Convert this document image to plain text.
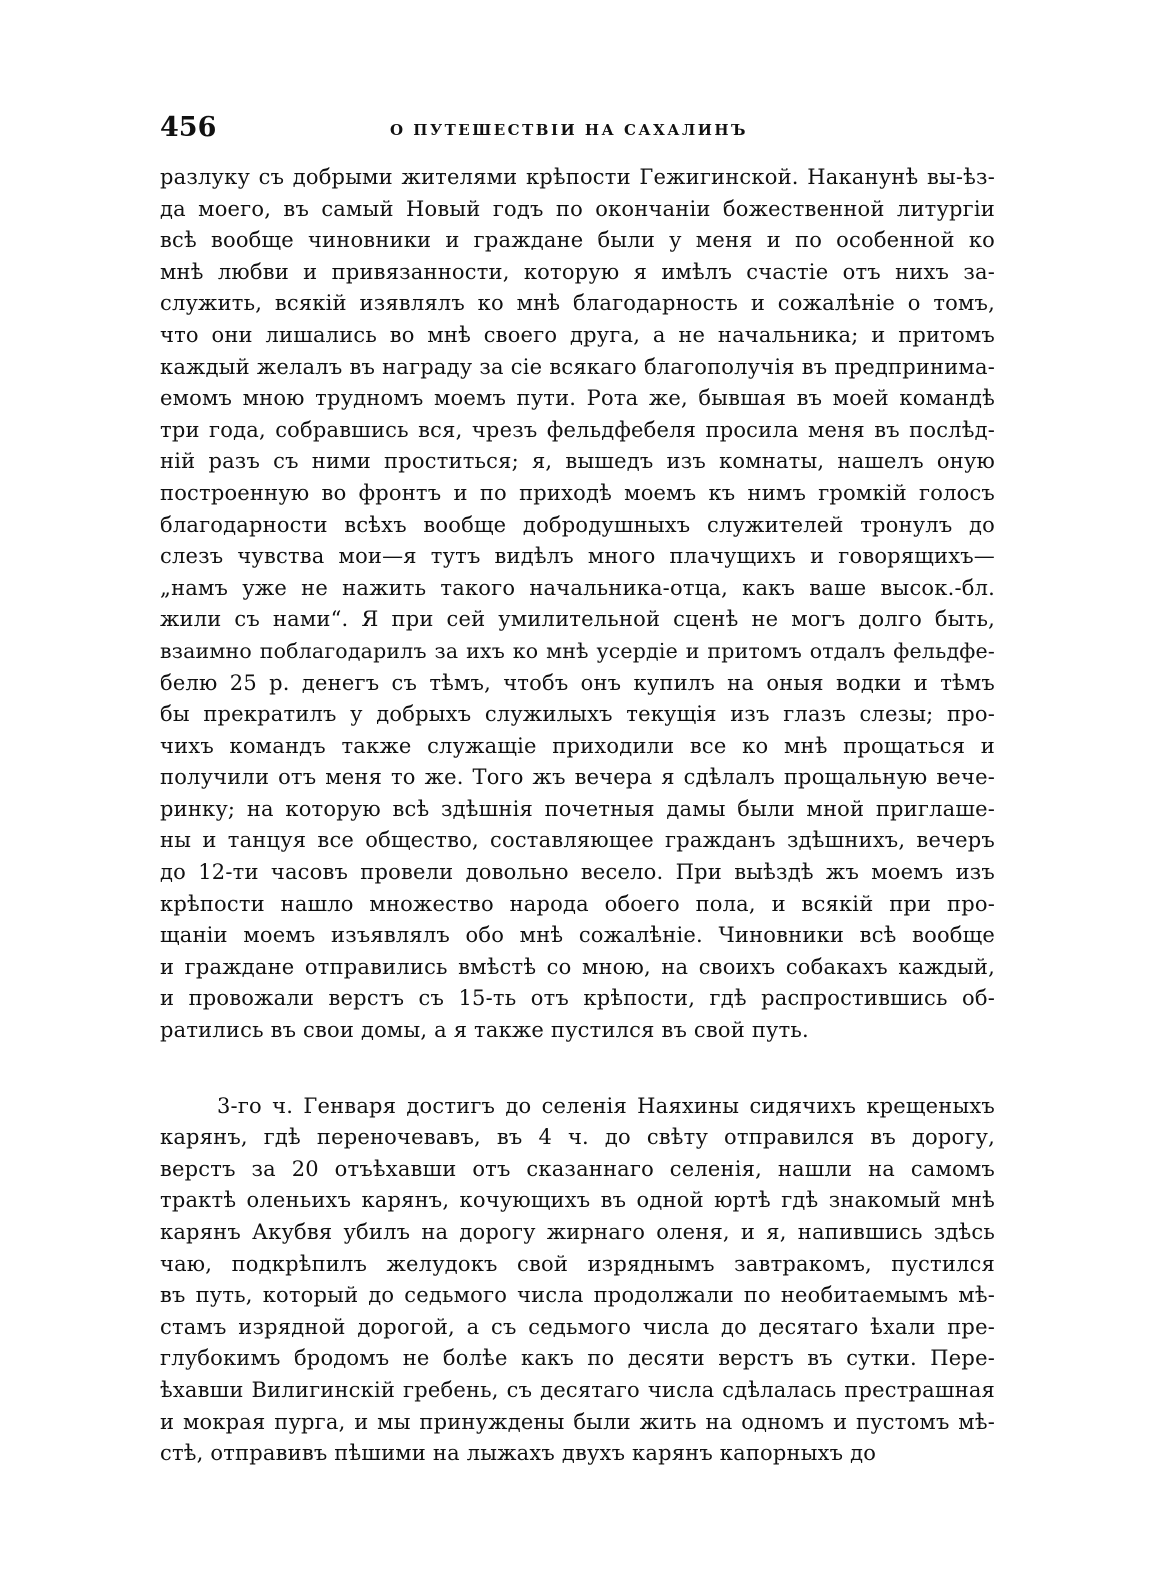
456	О ПУТЕШЕСТВІИ НА САХАЛИНЪ
разлуку съ добрыми жителями крѣпости Гежигинской. Наканунѣ вы-ѣз-
да моего, въ самый Новый годъ по окончаніи божественной литургіи
всѣ вообще чиновники и граждане были у меня и по особенной ко
мнѣ любви и привязанности, которую я имѣлъ счастіе отъ нихъ за-
служить, всякій изявлялъ ко мнѣ благодарность и сожалѣніе о томъ,
что они лишались во мнѣ своего друга, а не начальника; и притомъ
каждый желалъ въ награду за сіе всякаго благополучія въ предпринима-
емомъ мною трудномъ моемъ пути. Рота же, бывшая въ моей командѣ
три года, собравшись вся, чрезъ фельдфебеля просила меня въ послѣд-
ній разъ съ ними проститься; я, вышедъ изъ комнаты, нашелъ оную
построенную во фронтъ и по приходѣ моемъ къ нимъ громкій голосъ
благодарности всѣхъ вообще добродушныхъ служителей тронулъ до
слезъ чувства мои—я тутъ видѣлъ много плачущихъ и говорящихъ—
„намъ уже не нажить такого начальника-отца, какъ ваше высок.-бл.
жили съ нами“. Я при сей умилительной сценѣ не могъ долго быть,
взаимно поблагодарилъ за ихъ ко мнѣ усердіе и притомъ отдалъ фельдфе-
белю 25 р. денегъ съ тѣмъ, чтобъ онъ купилъ на оныя водки и тѣмъ
бы прекратилъ у добрыхъ служилыхъ текущія изъ глазъ слезы; про-
чихъ командъ также служащіе приходили все ко мнѣ прощаться и
получили отъ меня то же. Того жъ вечера я сдѣлалъ прощальную вече-
ринку; на которую всѣ здѣшнія почетныя дамы были мной приглаше-
ны и танцуя все общество, составляющее гражданъ здѣшнихъ, вечеръ
до 12-ти часовъ провели довольно весело. При выѣздѣ жъ моемъ изъ
крѣпости нашло множество народа обоего пола, и всякій при про-
щаніи моемъ изъявлялъ обо мнѣ сожалѣніе. Чиновники всѣ вообще
и граждане отправились вмѣстѣ со мною, на своихъ собакахъ каждый,
и провожали верстъ съ 15-ть отъ крѣпости, гдѣ распростившись об-
ратились въ свои домы, а я также пустился въ свой путь.
3-го ч. Генваря достигъ до селенія Наяхины сидячихъ крещеныхъ
карянъ, гдѣ переночевавъ, въ 4 ч. до свѣту отправился въ дорогу,
верстъ за 20 отъѣхавши отъ сказаннаго селенія, нашли на самомъ
трактѣ оленьихъ карянъ, кочующихъ въ одной юртѣ гдѣ знакомый мнѣ
карянъ Акубвя убилъ на дорогу жирнаго оленя, и я, напившись здѣсь
чаю, подкрѣпилъ желудокъ свой изряднымъ завтракомъ, пустился
въ путь, который до седьмого числа продолжали по необитаемымъ мѣ-
стамъ изрядной дорогой, а съ седьмого числа до десятаго ѣхали пре-
глубокимъ бродомъ не болѣе какъ по десяти верстъ въ сутки. Пере-
ѣхавши Вилигинскій гребень, съ десятаго числа сдѣлалась престрашная
и мокрая пурга, и мы принуждены были жить на одномъ и пустомъ мѣ-
стѣ, отправивъ пѣшими на лыжахъ двухъ карянъ капорныхъ до
